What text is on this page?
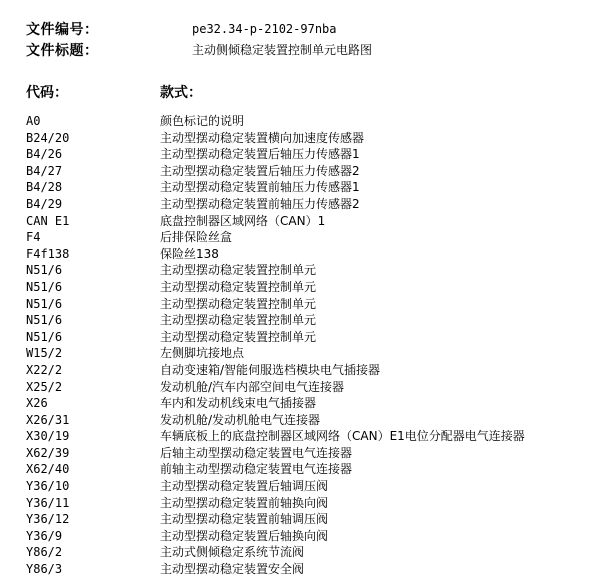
文件编号：	pe32.34-p-2102-97nba
文件标题：	主动侧倾稳定装置控制单元电路图
代码：	款式：
A0	颜色标记的说明
B24/20	主动型摆动稳定装置横向加速度传感器
B4/26	主动型摆动稳定装置后轴压力传感器1
B4/27	主动型摆动稳定装置后轴压力传感器2
B4/28	主动型摆动稳定装置前轴压力传感器1
B4/29	主动型摆动稳定装置前轴压力传感器2
CAN E1	底盘控制器区域网络（CAN）1
F4	后排保险丝盒
F4f138	保险丝138
N51/6	主动型摆动稳定装置控制单元
N51/6	主动型摆动稳定装置控制单元
N51/6	主动型摆动稳定装置控制单元
N51/6	主动型摆动稳定装置控制单元
N51/6	主动型摆动稳定装置控制单元
W15/2	左侧脚坑接地点
X22/2	自动变速箱/智能伺服选档模块电气插接器
X25/2	发动机舱/汽车内部空间电气连接器
X26	车内和发动机线束电气插接器
X26/31	发动机舱/发动机舱电气连接器
X30/19	车辆底板上的底盘控制器区域网络（CAN）E1电位分配器电气连接器
X62/39	后轴主动型摆动稳定装置电气连接器
X62/40	前轴主动型摆动稳定装置电气连接器
Y36/10	主动型摆动稳定装置后轴调压阀
Y36/11	主动型摆动稳定装置前轴换向阀
Y36/12	主动型摆动稳定装置前轴调压阀
Y36/9	主动型摆动稳定装置后轴换向阀
Y86/2	主动式侧倾稳定系统节流阀
Y86/3	主动型摆动稳定装置安全阀
